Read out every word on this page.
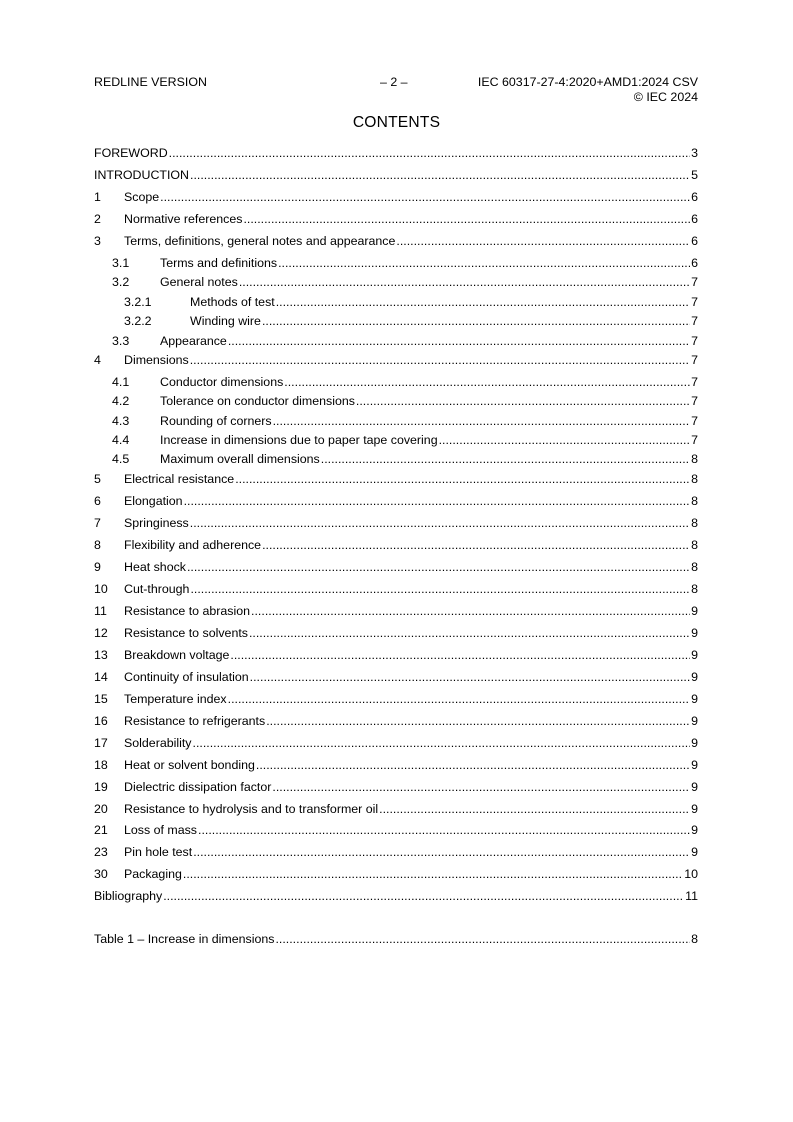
REDLINE VERSION	– 2 –	IEC 60317-27-4:2020+AMD1:2024 CSV
© IEC 2024
CONTENTS
FOREWORD .....	3
INTRODUCTION .....	5
1	Scope .....	6
2	Normative references .....	6
3	Terms, definitions, general notes and appearance .....	6
3.1	Terms and definitions .....	6
3.2	General notes .....	7
3.2.1	Methods of test .....	7
3.2.2	Winding wire .....	7
3.3	Appearance .....	7
4	Dimensions .....	7
4.1	Conductor dimensions .....	7
4.2	Tolerance on conductor dimensions .....	7
4.3	Rounding of corners .....	7
4.4	Increase in dimensions due to paper tape covering .....	7
4.5	Maximum overall dimensions .....	8
5	Electrical resistance .....	8
6	Elongation .....	8
7	Springiness .....	8
8	Flexibility and adherence .....	8
9	Heat shock .....	8
10	Cut-through .....	8
11	Resistance to abrasion .....	9
12	Resistance to solvents .....	9
13	Breakdown voltage .....	9
14	Continuity of insulation .....	9
15	Temperature index .....	9
16	Resistance to refrigerants .....	9
17	Solderability .....	9
18	Heat or solvent bonding .....	9
19	Dielectric dissipation factor .....	9
20	Resistance to hydrolysis and to transformer oil .....	9
21	Loss of mass .....	9
23	Pin hole test .....	9
30	Packaging .....	10
Bibliography .....	11
Table 1 – Increase in dimensions .....	8
